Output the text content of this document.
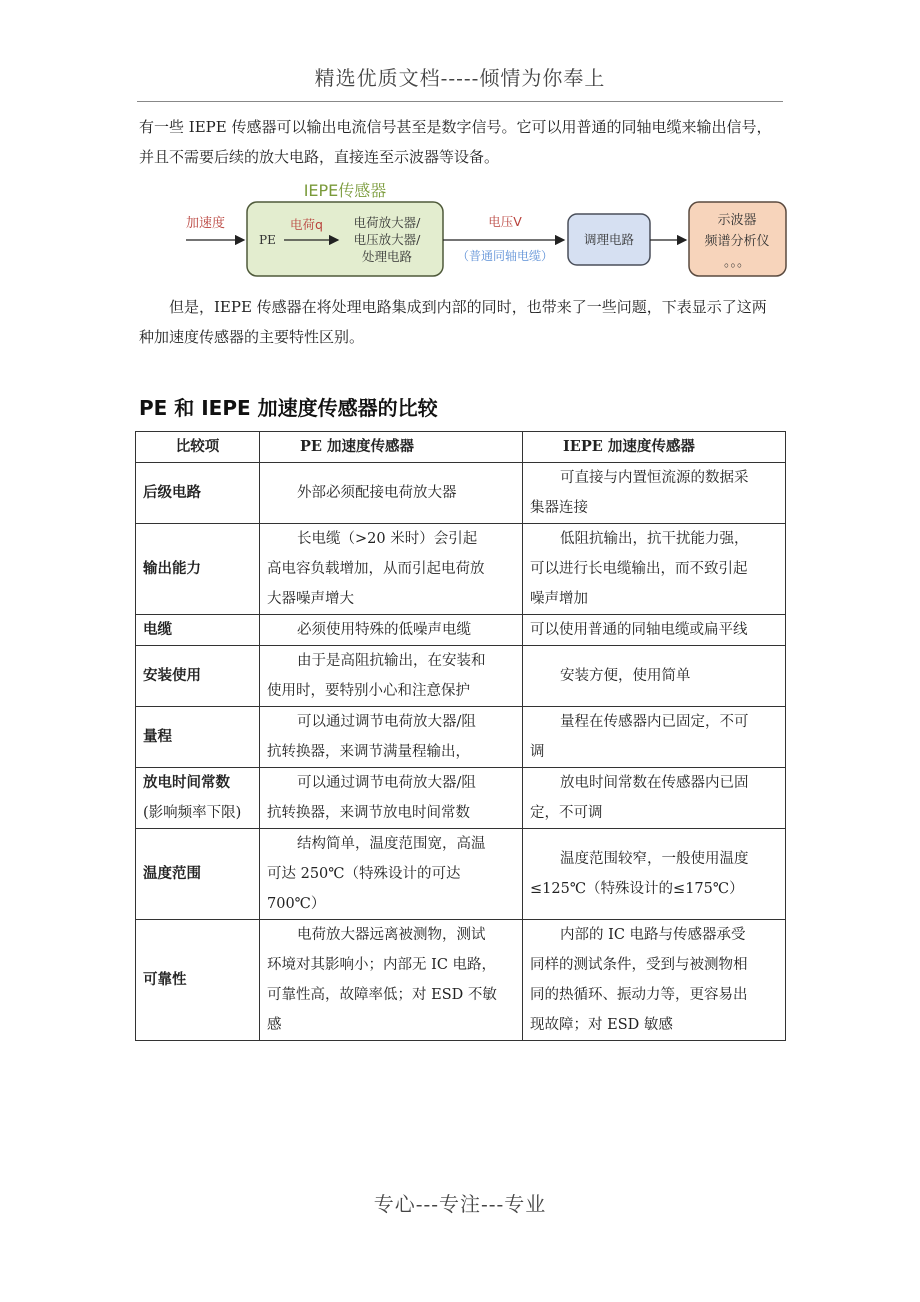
精选优质文档-----倾情为你奉上
有一些 IEPE 传感器可以输出电流信号甚至是数字信号。它可以用普通的同轴电缆来输出信号，并且不需要后续的放大电路，直接连至示波器等设备。
IEPE传感器
加速度
PE
电荷q 电荷放大器/
电压放大器/
处理电路
电压V
（普通同轴电缆）
调理电路
示波器
频谱分析仪
。。。
但是，IEPE 传感器在将处理电路集成到内部的同时，也带来了一些问题，下表显示了这两种加速度传感器的主要特性区别。
PE 和 IEPE 加速度传感器的比较
比较项	PE 加速度传感器	IEPE 加速度传感器
后级电路	外部必须配接电荷放大器	可直接与内置恒流源的数据采
集器连接

输出能力	长电缆（>20 米时）会引起
高电容负载增加，从而引起电荷放
大器噪声增大	低阻抗输出，抗干扰能力强，
可以进行长电缆输出，而不致引起
噪声增加

电缆	必须使用特殊的低噪声电缆	可以使用普通的同轴电缆或扁平线

安装使用	由于是高阻抗输出，在安装和
使用时，要特别小心和注意保护	安装方便，使用简单

量程	可以通过调节电荷放大器/阻
抗转换器，来调节满量程输出，	量程在传感器内已固定，不可
调

放电时间常数
(影响频率下限)	可以通过调节电荷放大器/阻
抗转换器，来调节放电时间常数	放电时间常数在传感器内已固
定，不可调

温度范围	结构简单，温度范围宽，高温
可达 250℃（特殊设计的可达
700℃）	温度范围较窄，一般使用温度
≤125℃（特殊设计的≤175℃）

可靠性	电荷放大器远离被测物，测试
环境对其影响小；内部无 IC 电路，
可靠性高，故障率低；对 ESD 不敏
感	内部的 IC 电路与传感器承受
同样的测试条件，受到与被测物相
同的热循环、振动力等，更容易出
现故障；对 ESD 敏感
专心---专注---专业
